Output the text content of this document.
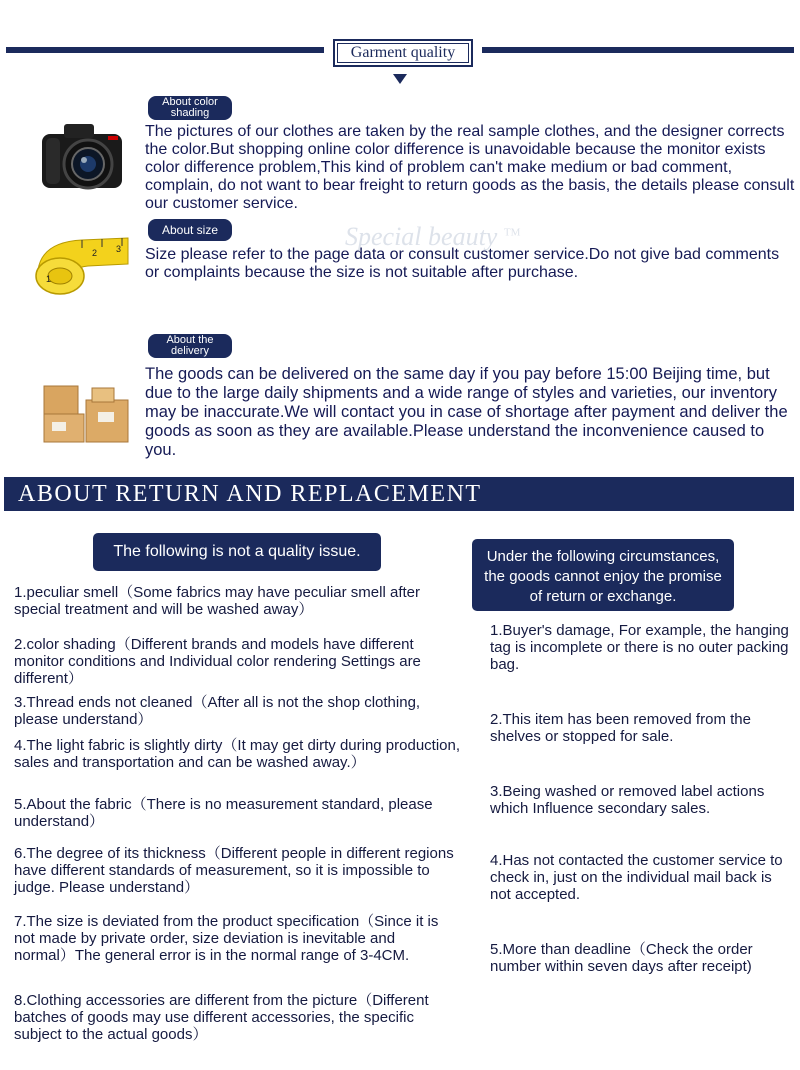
Garment quality
About color shading
The pictures of our clothes are taken by the real sample clothes, and the designer corrects the color.But shopping online color difference is unavoidable because the monitor exists color difference problem,This kind of problem can't make medium or bad comment, complain, do not want to bear freight to return goods as the basis, the details please consult our customer service.
1
2 3
About size
Size please refer to the page data or consult customer service.Do not give bad comments or complaints because the size is not suitable after purchase.
Special beauty ™
About the delivery
The goods can be delivered on the same day if you pay before 15:00 Beijing time, but due to the large daily shipments and a wide range of styles and varieties, our inventory may be inaccurate.We will contact you in case of shortage after payment and deliver the goods as soon as they are available.Please understand the inconvenience caused to you.
ABOUT RETURN AND REPLACEMENT
The following is not a quality issue.
1.peculiar smell（Some fabrics may have peculiar smell after special treatment and will be washed away）
2.color shading（Different brands and models have different monitor conditions and Individual color rendering Settings are different）
3.Thread ends not cleaned（After all is not the shop clothing, please understand）
4.The light fabric is slightly dirty（It may get dirty during production, sales and transportation and can be washed away.）
5.About the fabric（There is no measurement standard, please understand）
6.The degree of its thickness（Different people in different regions have different standards of measurement, so it is impossible to judge. Please understand）
7.The size is deviated from the product specification（Since it is not made by private order, size deviation is inevitable and normal）The general error is in the normal range of 3-4CM.
8.Clothing accessories are different from the picture（Different batches of goods may use different accessories, the specific subject to the actual goods）
Under the following circumstances, the goods cannot enjoy the promise of return or exchange.
1.Buyer's damage, For example, the hanging tag is incomplete or there is no outer packing bag.
2.This item has been removed from the shelves or stopped for sale.
3.Being washed or removed label actions which Influence secondary sales.
4.Has not contacted the customer service to check in, just on the individual mail back is not accepted.
5.More than deadline（Check the order number within seven days after receipt)
